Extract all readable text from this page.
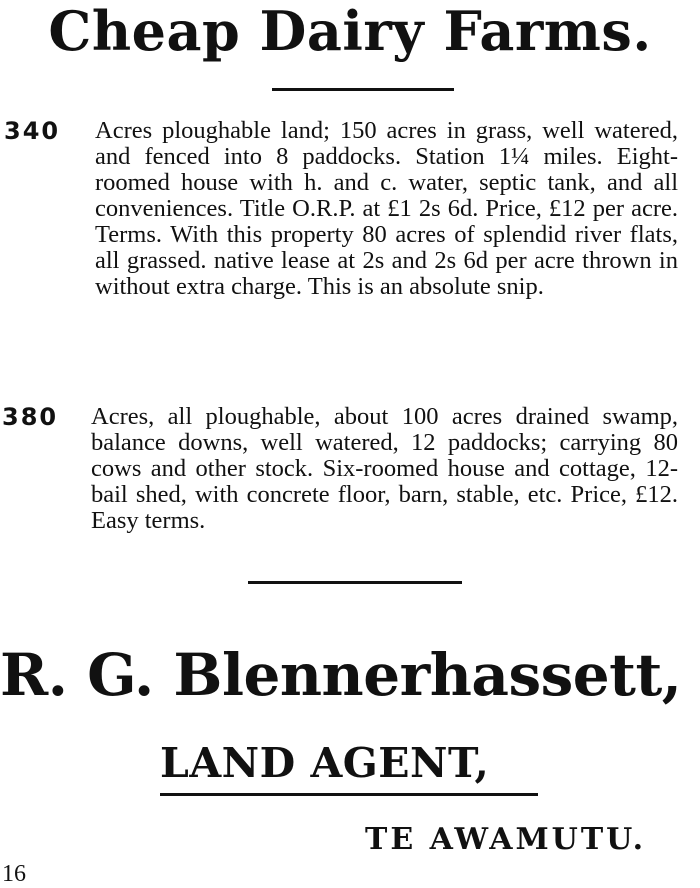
Cheap Dairy Farms.
340 Acres ploughable land; 150 acres in grass, well watered, and fenced into 8 paddocks. Station 1¼ miles. Eight-roomed house with h. and c. water, septic tank, and all conveniences. Title O.R.P. at £1 2s 6d. Price, £12 per acre. Terms. With this property 80 acres of splendid river flats, all grassed. native lease at 2s and 2s 6d per acre thrown in without extra charge. This is an absolute snip.

380 Acres, all ploughable, about 100 acres drained swamp, balance downs, well watered, 12 paddocks; carrying 80 cows and other stock. Six-roomed house and cottage, 12-bail shed, with concrete floor, barn, stable, etc. Price, £12. Easy terms.

R. G. Blennerhassett,
LAND AGENT,
TE AWAMUTU.
16
